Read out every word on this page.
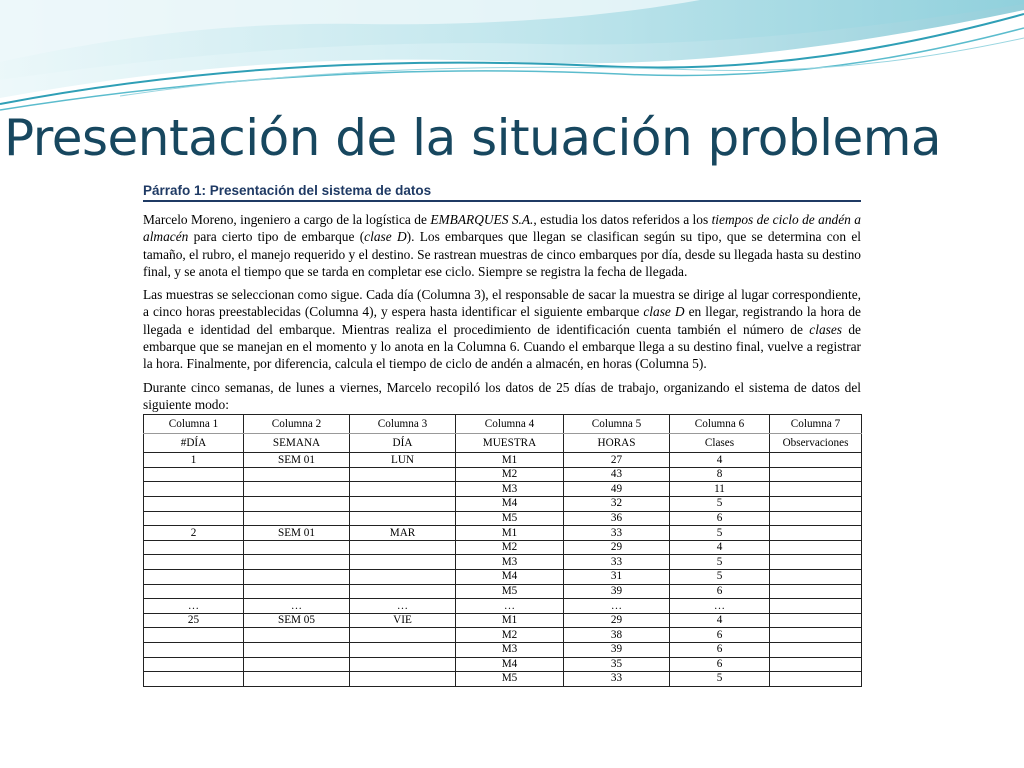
Presentación de la situación problema
Párrafo 1: Presentación del sistema de datos

Marcelo Moreno, ingeniero a cargo de la logística de EMBARQUES S.A., estudia los datos referidos a los tiempos de ciclo de andén a almacén para cierto tipo de embarque (clase D). Los embarques que llegan se clasifican según su tipo, que se determina con el tamaño, el rubro, el manejo requerido y el destino. Se rastrean muestras de cinco embarques por día, desde su llegada hasta su destino final, y se anota el tiempo que se tarda en completar ese ciclo. Siempre se registra la fecha de llegada.

Las muestras se seleccionan como sigue. Cada día (Columna 3), el responsable de sacar la muestra se dirige al lugar correspondiente, a cinco horas preestablecidas (Columna 4), y espera hasta identificar el siguiente embarque clase D en llegar, registrando la hora de llegada e identidad del embarque. Mientras realiza el procedimiento de identificación cuenta también el número de clases de embarque que se manejan en el momento y lo anota en la Columna 6. Cuando el embarque llega a su destino final, vuelve a registrar la hora. Finalmente, por diferencia, calcula el tiempo de ciclo de andén a almacén, en horas (Columna 5).

Durante cinco semanas, de lunes a viernes, Marcelo recopiló los datos de 25 días de trabajo, organizando el sistema de datos del siguiente modo:

Columna 1	Columna 2	Columna 3	Columna 4	Columna 5	Columna 6	Columna 7
#DÍA	SEMANA	DÍA	MUESTRA	HORAS	Clases	Observaciones
1	SEM 01	LUN	M1	27	4	
			M2	43	8	
			M3	49	11	
			M4	32	5	
			M5	36	6	
2	SEM 01	MAR	M1	33	5	
			M2	29	4	
			M3	33	5	
			M4	31	5	
			M5	39	6	
…	…	…	…	…	…	
25	SEM 05	VIE	M1	29	4	
			M2	38	6	
			M3	39	6	
			M4	35	6	
			M5	33	5	
